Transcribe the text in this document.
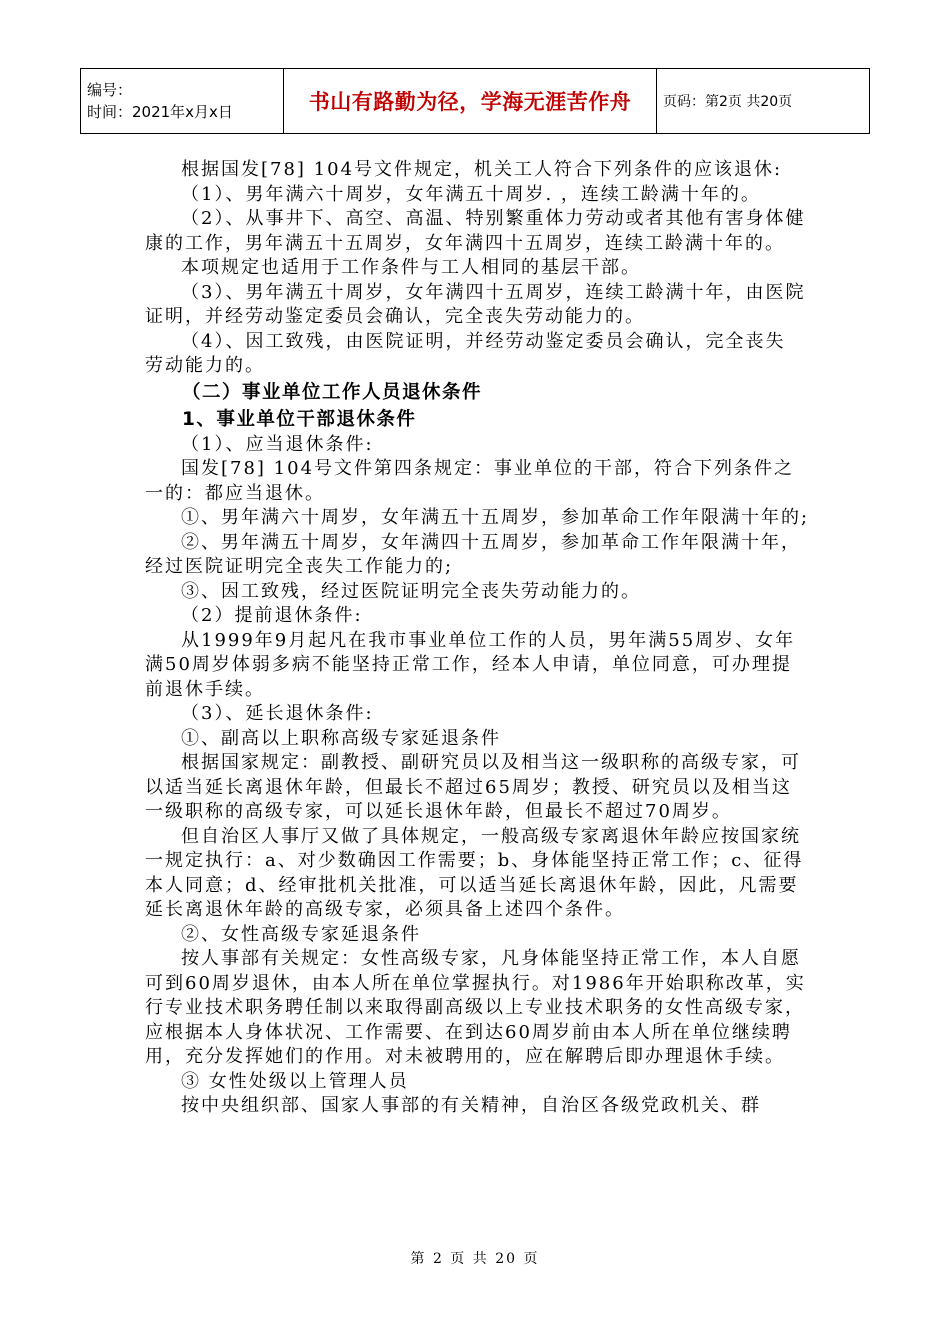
编号：
时间：2021年x月x日	书山有路勤为径，学海无涯苦作舟	页码：第2页 共20页

根据国发[78] 104号文件规定，机关工人符合下列条件的应该退休:

（1）、男年满六十周岁，女年满五十周岁. ，连续工龄满十年的。

（2）、从事井下、高空、高温、特别繁重体力劳动或者其他有害身体健康的工作，男年满五十五周岁，女年满四十五周岁，连续工龄满十年的。

本项规定也适用于工作条件与工人相同的基层干部。

（3）、男年满五十周岁，女年满四十五周岁，连续工龄满十年，由医院证明，并经劳动鉴定委员会确认，完全丧失劳动能力的。

（4）、因工致残，由医院证明，并经劳动鉴定委员会确认，完全丧失

劳动能力的。

（二）事业单位工作人员退休条件

1、事业单位干部退休条件

（1）、应当退休条件:

国发[78] 104号文件第四条规定：事业单位的干部，符合下列条件之一的：都应当退休。

①、男年满六十周岁，女年满五十五周岁，参加革命工作年限满十年的;

②、男年满五十周岁，女年满四十五周岁，参加革命工作年限满十年，经过医院证明完全丧失工作能力的;

③、因工致残，经过医院证明完全丧失劳动能力的。

（2）提前退休条件:

从1999年9月起凡在我市事业单位工作的人员，男年满55周岁、女年满50周岁体弱多病不能坚持正常工作，经本人申请，单位同意，可办理提前退休手续。

（3）、延长退休条件:

①、副高以上职称高级专家延退条件

根据国家规定：副教授、副研究员以及相当这一级职称的高级专家，可以适当延长离退休年龄，但最长不超过65周岁；教授、研究员以及相当这一级职称的高级专家，可以延长退休年龄，但最长不超过70周岁。

但自治区人事厅又做了具体规定，一般高级专家离退休年龄应按国家统一规定执行：a、对少数确因工作需要；b、身体能坚持正常工作；c、征得本人同意；d、经审批机关批准，可以适当延长离退休年龄，因此，凡需要延长离退休年龄的高级专家，必须具备上述四个条件。

②、女性高级专家延退条件

按人事部有关规定：女性高级专家，凡身体能坚持正常工作，本人自愿可到60周岁退休，由本人所在单位掌握执行。对1986年开始职称改革，实行专业技术职务聘任制以来取得副高级以上专业技术职务的女性高级专家，应根据本人身体状况、工作需要、在到达60周岁前由本人所在单位继续聘用，充分发挥她们的作用。对未被聘用的，应在解聘后即办理退休手续。

③ 女性处级以上管理人员

按中央组织部、国家人事部的有关精神，自治区各级党政机关、群

第 2 页 共 20 页
